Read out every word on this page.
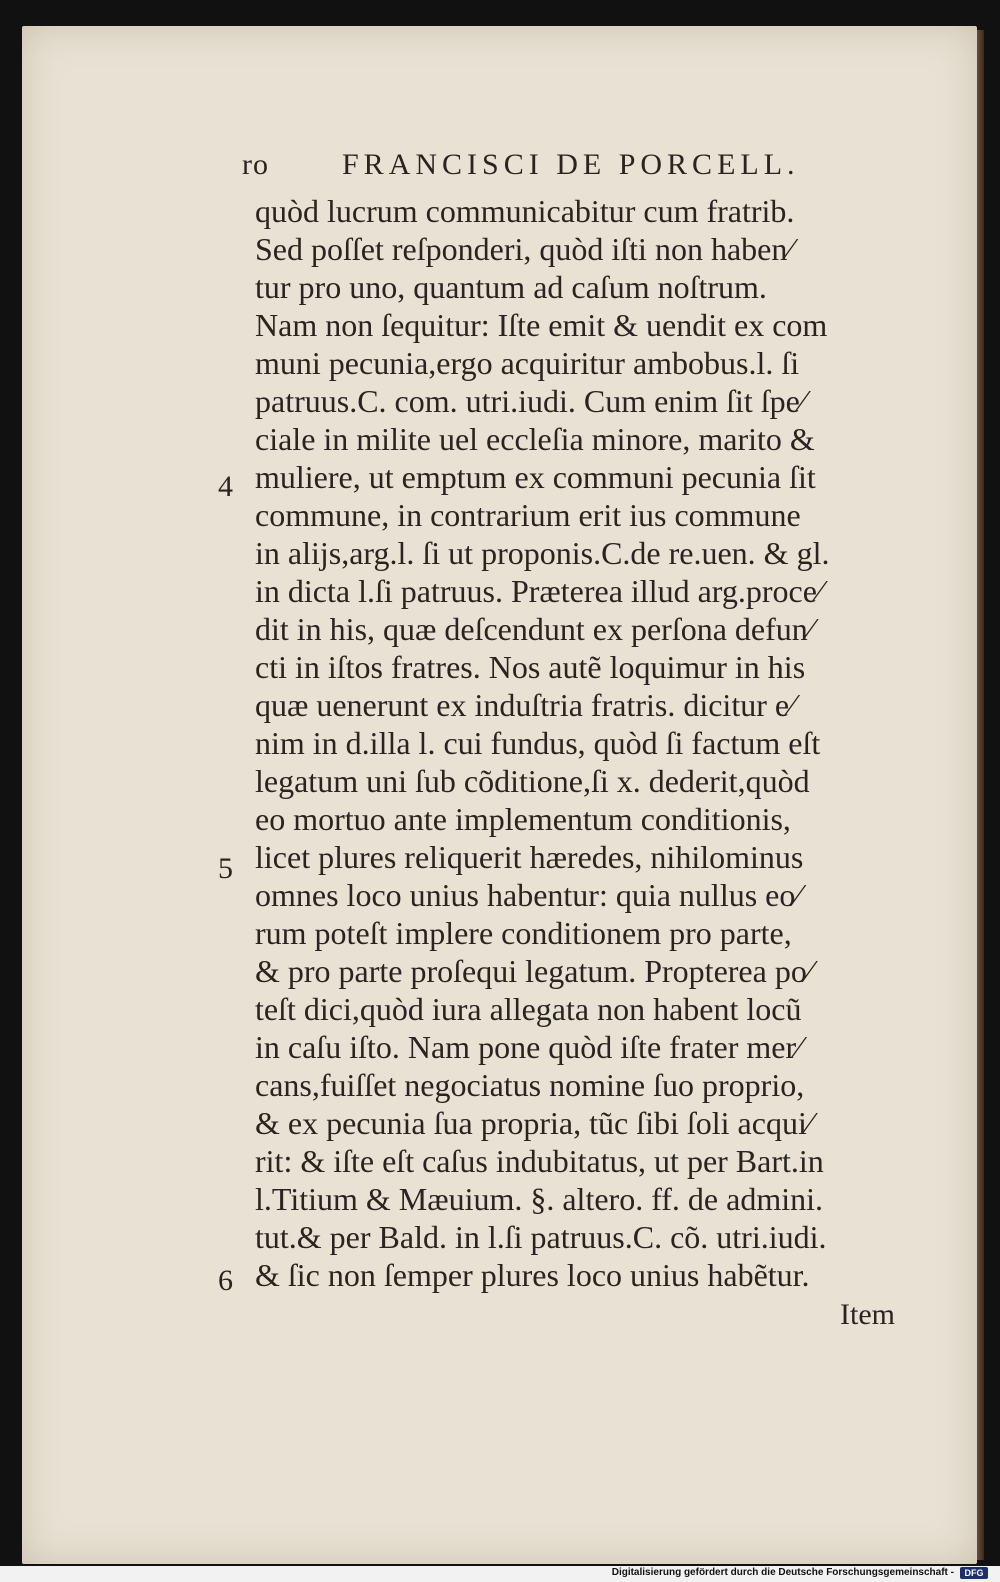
ro FRANCISCI DE PORCELL.
quòd lucrum communicabitur cum fratrib.
Sed poſſet reſponderi, quòd iſti non haben⁄
tur pro uno, quantum ad caſum noſtrum.
Nam non ſequitur: Iſte emit & uendit ex com
muni pecunia,ergo acquiritur ambobus.l. ſi
patruus.C. com. utri.iudi. Cum enim ſit ſpe⁄
ciale in milite uel eccleſia minore, marito &
muliere, ut emptum ex communi pecunia ſit
commune, in contrarium erit ius commune
in alijs,arg.l. ſi ut proponis.C.de re.uen. & gl.
in dicta l.ſi patruus. Præterea illud arg.proce⁄
dit in his, quæ deſcendunt ex perſona defun⁄
cti in iſtos fratres. Nos autẽ loquimur in his
quæ uenerunt ex induſtria fratris. dicitur e⁄
nim in d.illa l. cui fundus, quòd ſi factum eſt
legatum uni ſub cõditione,ſi x. dederit,quòd
eo mortuo ante implementum conditionis,
licet plures reliquerit hæredes, nihilominus
omnes loco unius habentur: quia nullus eo⁄
rum poteſt implere conditionem pro parte,
& pro parte proſequi legatum. Propterea po⁄
teſt dici,quòd iura allegata non habent locũ
in caſu iſto. Nam pone quòd iſte frater mer⁄
cans,fuiſſet negociatus nomine ſuo proprio,
& ex pecunia ſua propria, tũc ſibi ſoli acqui⁄
rit: & iſte eſt caſus indubitatus, ut per Bart.in
l.Titium & Mæuium. §. altero. ff. de admini.
tut.& per Bald. in l.ſi patruus.C. cõ. utri.iudi.
& ſic non ſemper plures loco unius habẽtur.
4
5
6
Item
Digitalisierung gefördert durch die Deutsche Forschungsgemeinschaft -	DFG
